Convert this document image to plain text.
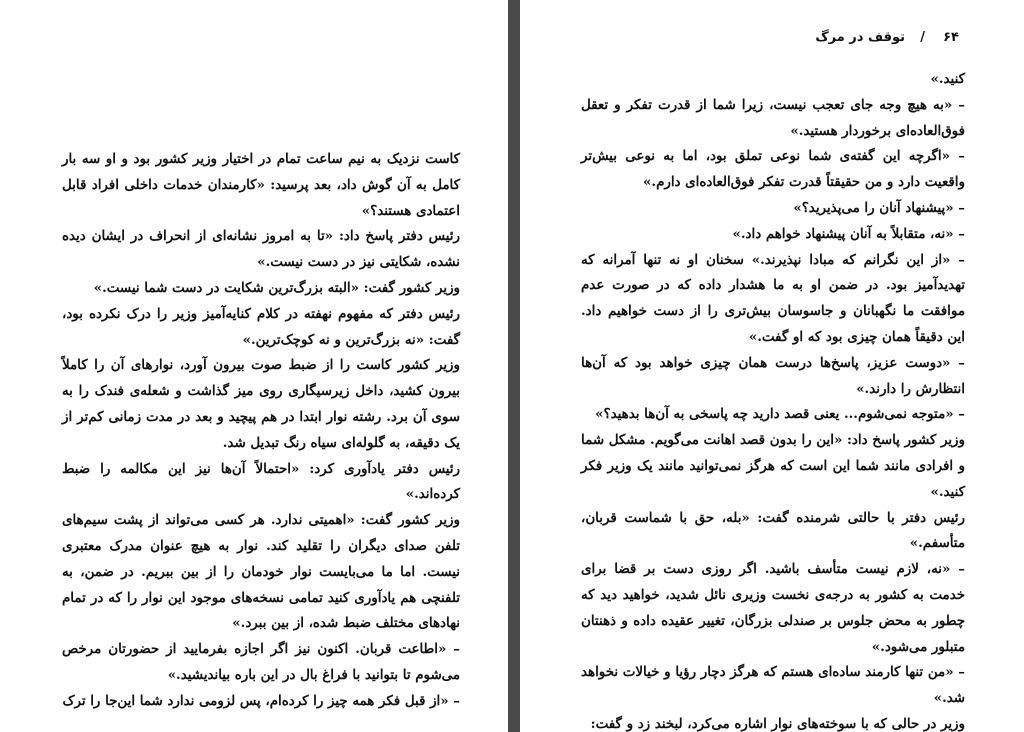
کاست نزدیک به نیم ساعت تمام در اختیار وزیر کشور بود و او سه بار کامل به آن گوش داد، بعد پرسید: «کارمندان خدمات داخلی افراد قابل اعتمادی هستند؟»

رئیس دفتر پاسخ داد: «تا به امروز نشانه‌ای از انحراف در ایشان دیده نشده، شکایتی نیز در دست نیست.»

وزیر کشور گفت: «البته بزرگ‌ترین شکایت در دست شما نیست.»

رئیس دفتر که مفهوم نهفته در کلام کنایه‌آمیز وزیر را درک نکرده بود، گفت: «نه بزرگ‌ترین و نه کوچک‌ترین.»

وزیر کشور کاست را از ضبط صوت بیرون آورد، نوارهای آن را کاملاً بیرون کشید، داخل زیرسیگاری روی میز گذاشت و شعله‌ی فندک را به سوی آن برد. رشته نوار ابتدا در هم پیچید و بعد در مدت زمانی کم‌تر از یک دقیقه، به گلوله‌ای سیاه رنگ تبدیل شد.

رئیس دفتر یادآوری کرد: «احتمالاً آن‌ها نیز این مکالمه را ضبط کرده‌اند.»

وزیر کشور گفت: «اهمیتی ندارد. هر کسی می‌تواند از پشت سیم‌های تلفن صدای دیگران را تقلید کند. نوار به هیچ عنوان مدرک معتبری نیست. اما ما می‌بایست نوار خودمان را از بین ببریم. در ضمن، به تلفنچی هم یادآوری کنید تمامی نسخه‌های موجود این نوار را که در تمام نهادهای مختلف ضبط شده، از بین ببرد.»

– «اطاعت قربان. اکنون نیز اگر اجازه بفرمایید از حضورتان مرخص می‌شوم تا بتوانید با فراغ بال در این باره بیاندیشید.»

– «از قبل فکر همه چیز را کرده‌ام، پس لزومی ندارد شما این‌جا را ترک

۶۴
/
توقف در مرگ

کنید.»

– «به هیچ وجه جای تعجب نیست، زیرا شما از قدرت تفکر و تعقل فوق‌العاده‌ای برخوردار هستید.»

– «اگرچه این گفته‌ی شما نوعی تملق بود، اما به نوعی بیش‌تر واقعیت دارد و من حقیقتاً قدرت تفکر فوق‌العاده‌ای دارم.»

– «پیشنهاد آنان را می‌پذیرید؟»

– «نه، متقابلاً به آنان پیشنهاد خواهم داد.»

– «از این نگرانم که مبادا نپذیرند.» سخنان او نه تنها آمرانه که تهدیدآمیز بود. در ضمن او به ما هشدار داده که در صورت عدم موافقت ما نگهبانان و جاسوسان بیش‌تری را از دست خواهیم داد. این دقیقاً همان چیزی بود که او گفت.»

– «دوست عزیز، پاسخ‌ها درست همان چیزی خواهد بود که آن‌ها انتظارش را دارند.»

– «متوجه نمی‌شوم... یعنی قصد دارید چه پاسخی به آن‌ها بدهید؟»

وزیر کشور پاسخ داد: «این را بدون قصد اهانت می‌گویم. مشکل شما و افرادی مانند شما این است که هرگز نمی‌توانید مانند یک وزیر فکر کنید.»

رئیس دفتر با حالتی شرمنده گفت: «بله، حق با شماست قربان، متأسفم.»

– «نه، لازم نیست متأسف باشید. اگر روزی دست بر قضا برای خدمت به کشور به درجه‌ی نخست وزیری نائل شدید، خواهید دید که چطور به محض جلوس بر صندلی بزرگان، تغییر عقیده داده و ذهنتان متبلور می‌شود.»

– «من تنها کارمند ساده‌ای هستم که هرگز دچار رؤیا و خیالات نخواهد شد.»

وزیر در حالی که با سوخته‌های نوار اشاره می‌کرد، لبخند زد و گفت:
